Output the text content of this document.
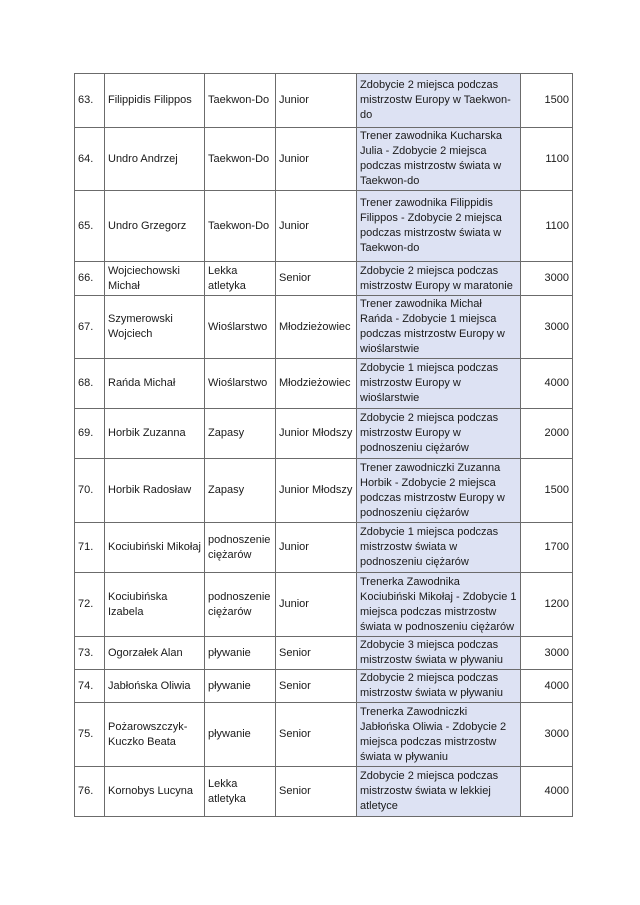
63.	Filippidis Filippos	Taekwon-Do	Junior	Zdobycie 2 miejsca podczas mistrzostw Europy w Taekwon-do	1500
64.	Undro Andrzej	Taekwon-Do	Junior	Trener zawodnika Kucharska Julia - Zdobycie 2 miejsca podczas mistrzostw świata w Taekwon-do	1100
65.	Undro Grzegorz	Taekwon-Do	Junior	Trener zawodnika Filippidis Filippos - Zdobycie 2 miejsca podczas mistrzostw świata w Taekwon-do	1100
66.	Wojciechowski Michał	Lekka atletyka	Senior	Zdobycie 2 miejsca podczas mistrzostw Europy w maratonie	3000
67.	Szymerowski Wojciech	Wioślarstwo	Młodzieżowiec	Trener zawodnika Michał Rańda - Zdobycie 1 miejsca podczas mistrzostw Europy w wioślarstwie	3000
68.	Rańda Michał	Wioślarstwo	Młodzieżowiec	Zdobycie 1 miejsca podczas mistrzostw Europy w wioślarstwie	4000
69.	Horbik Zuzanna	Zapasy	Junior Młodszy	Zdobycie 2 miejsca podczas mistrzostw Europy w podnoszeniu ciężarów	2000
70.	Horbik Radosław	Zapasy	Junior Młodszy	Trener zawodniczki Zuzanna Horbik - Zdobycie 2 miejsca podczas mistrzostw Europy w podnoszeniu ciężarów	1500
71.	Kociubiński Mikołaj	podnoszenie ciężarów	Junior	Zdobycie 1 miejsca podczas mistrzostw świata w podnoszeniu ciężarów	1700
72.	Kociubińska Izabela	podnoszenie ciężarów	Junior	Trenerka Zawodnika Kociubiński Mikołaj - Zdobycie 1 miejsca podczas mistrzostw świata w podnoszeniu ciężarów	1200
73.	Ogorzałek Alan	pływanie	Senior	Zdobycie 3 miejsca podczas mistrzostw świata w pływaniu	3000
74.	Jabłońska Oliwia	pływanie	Senior	Zdobycie 2 miejsca podczas mistrzostw świata w pływaniu	4000
75.	Pożarowszczyk-Kuczko Beata	pływanie	Senior	Trenerka Zawodniczki Jabłońska Oliwia - Zdobycie 2 miejsca podczas mistrzostw świata w pływaniu	3000
76.	Kornobys Lucyna	Lekka atletyka	Senior	Zdobycie 2 miejsca podczas mistrzostw świata w lekkiej atletyce	4000
